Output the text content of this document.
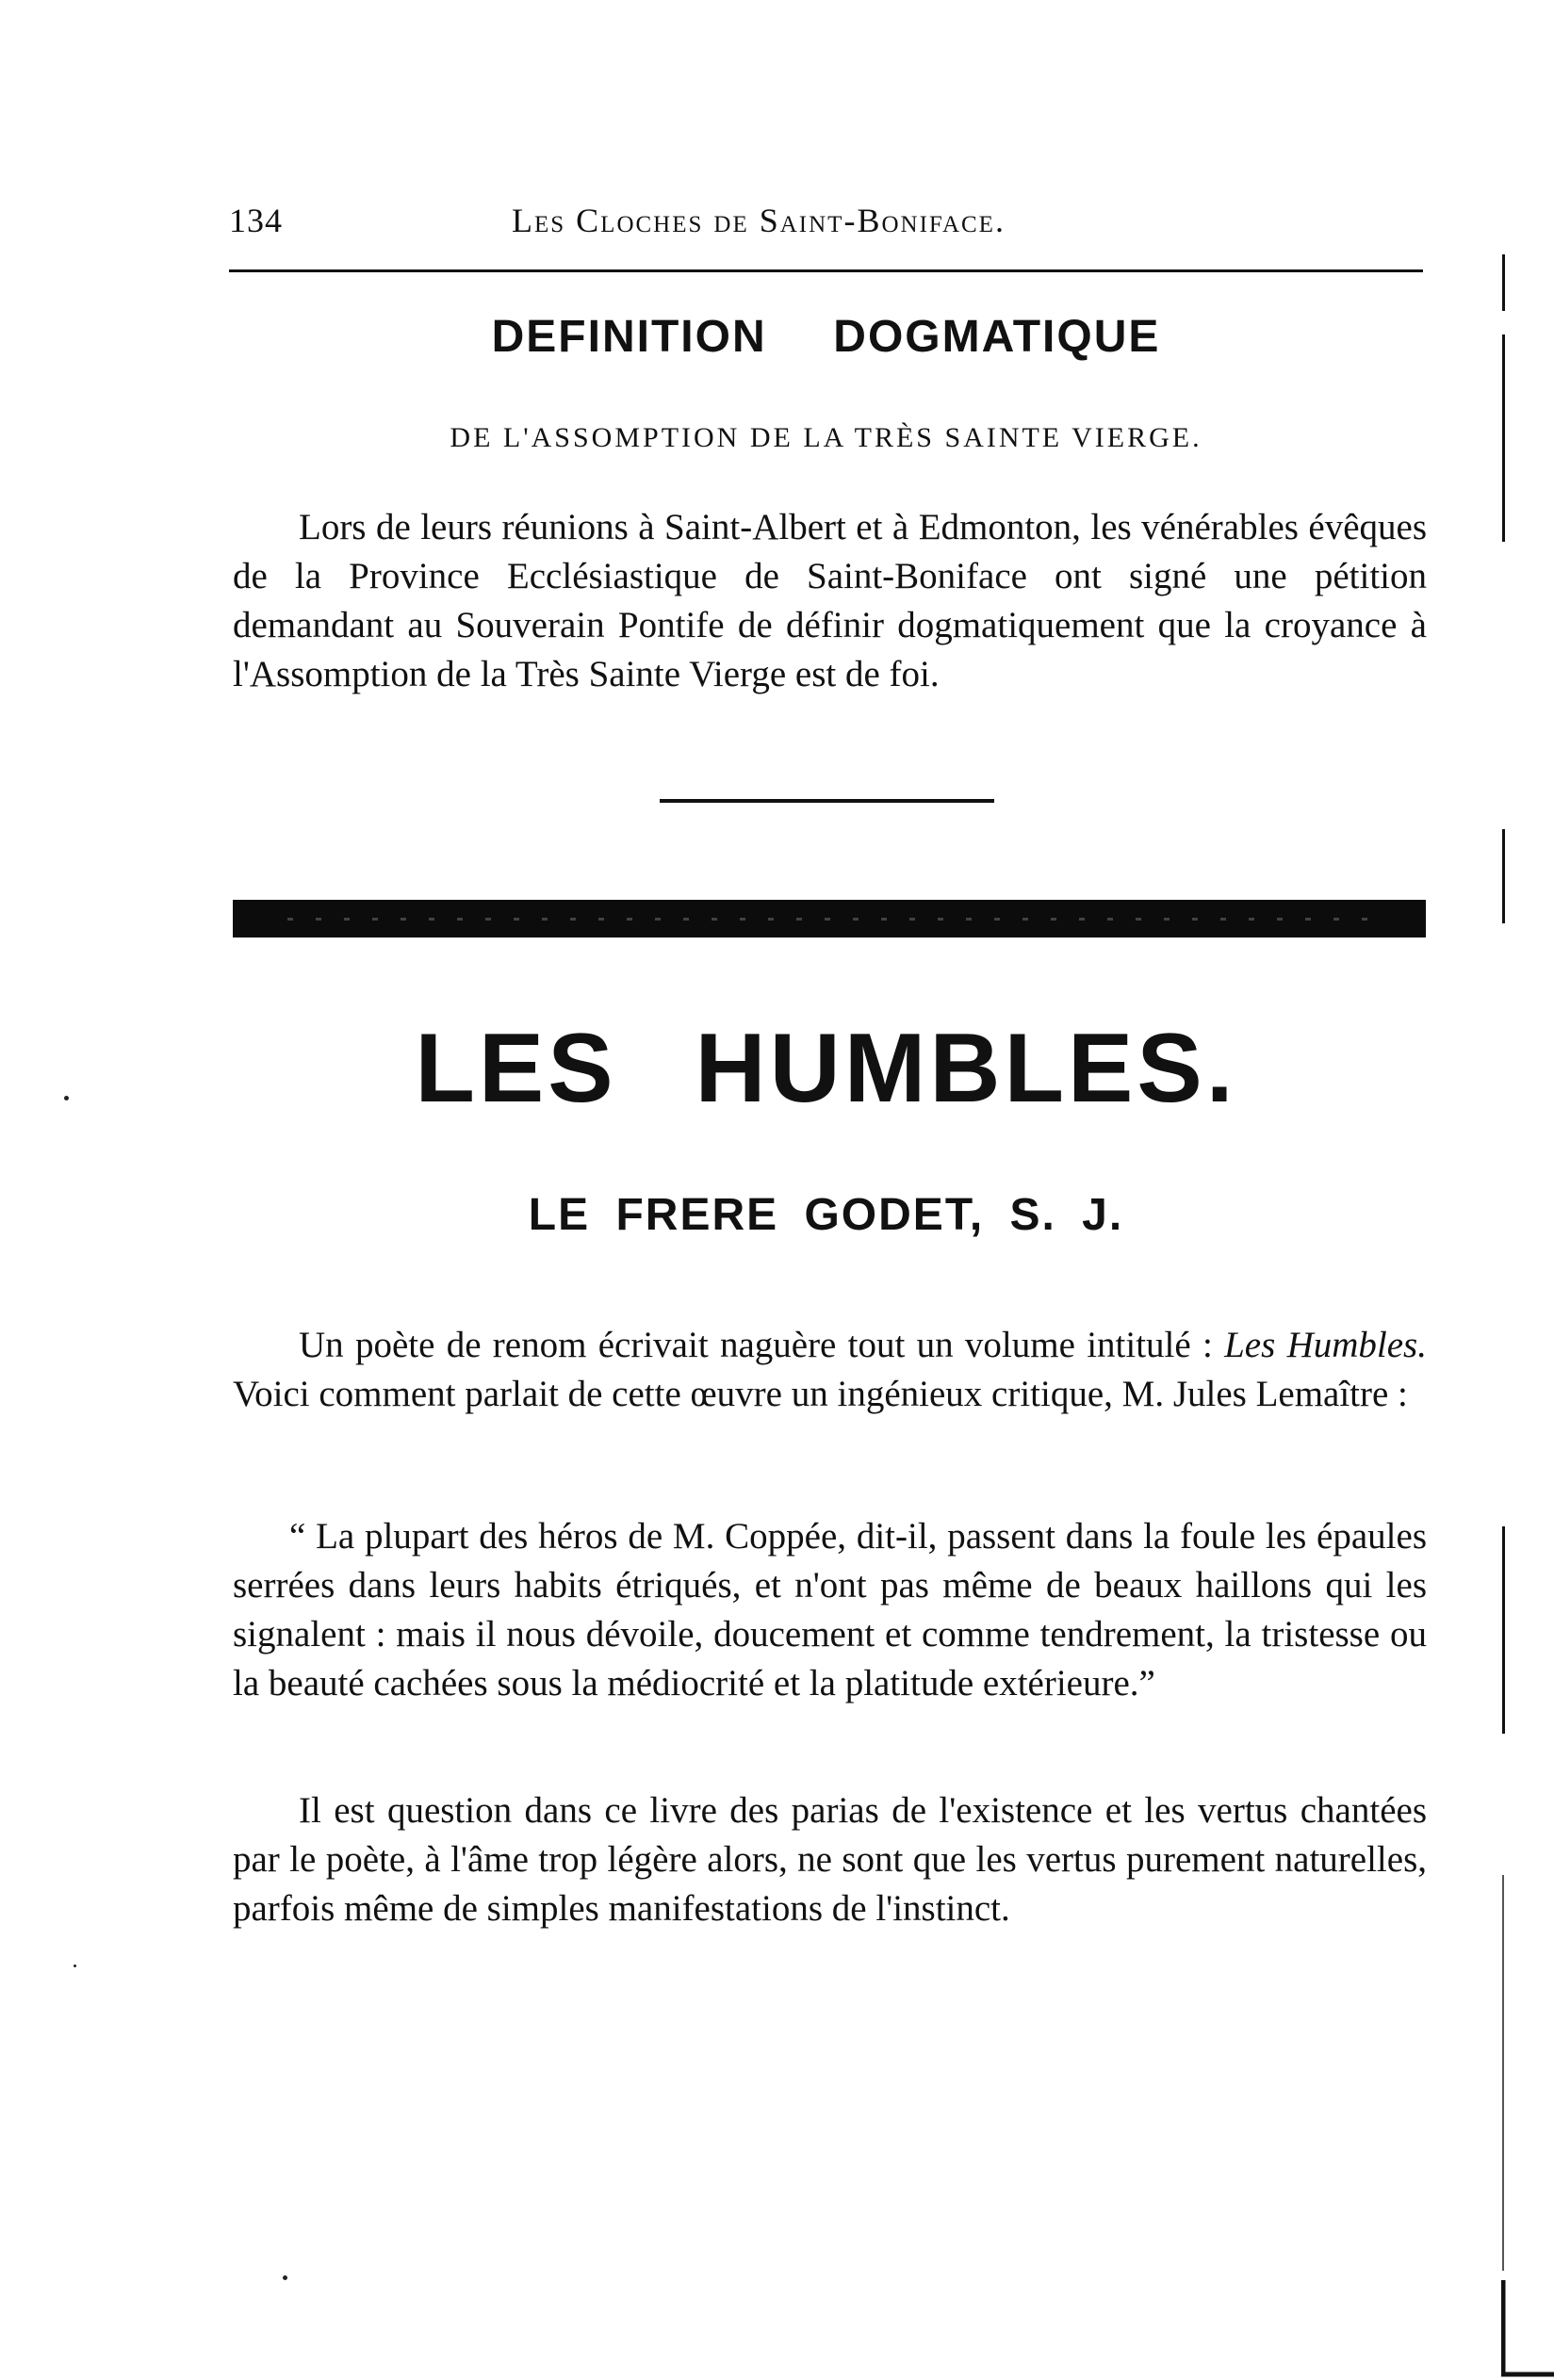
134	Les Cloches de Saint-Boniface.
DEFINITION  DOGMATIQUE
DE L'ASSOMPTION DE LA TRÈS SAINTE VIERGE.

Lors de leurs réunions à Saint-Albert et à Edmonton, les vénérables évêques de la Province Ecclésiastique de Saint-Boniface ont signé une pétition demandant au Souverain Pontife de définir dogmatiquement que la croyance à l'Assomption de la Très Sainte Vierge est de foi.

LES HUMBLES.
LE FRERE GODET, S. J.

Un poète de renom écrivait naguère tout un volume intitulé : Les Humbles. Voici comment parlait de cette œuvre un ingénieux critique, M. Jules Lemaître :

“ La plupart des héros de M. Coppée, dit-il, passent dans la foule les épaules serrées dans leurs habits étriqués, et n'ont pas même de beaux haillons qui les signalent : mais il nous dévoile, doucement et comme tendrement, la tristesse ou la beauté cachées sous la médiocrité et la platitude extérieure.”

Il est question dans ce livre des parias de l'existence et les vertus chantées par le poète, à l'âme trop légère alors, ne sont que les vertus purement naturelles, parfois même de simples manifestations de l'instinct.
